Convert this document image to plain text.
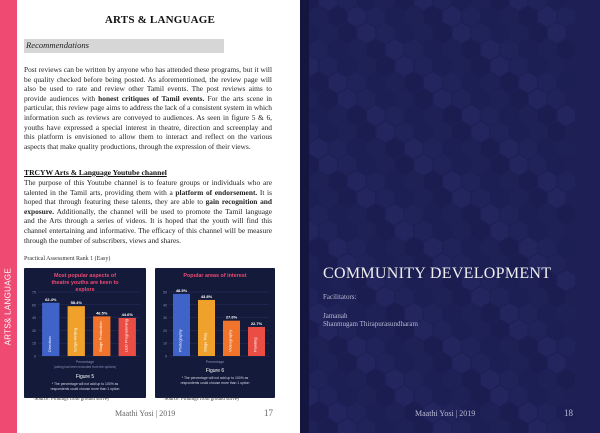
ARTS& LANGUAGE
ARTS & LANGUAGE
Recommendations
Post reviews can be written by anyone who has attended these programs, but it will be quality checked before being posted. As aforementioned, the review page will also be used to rate and review other Tamil events. The post reviews aims to provide audiences with honest critiques of Tamil events. For the arts scene in particular, this review page aims to address the lack of a consistent system in which information such as reviews are conveyed to audiences. As seen in figure 5 & 6, youths have expressed a special interest in theatre, direction and screenplay and this platform is envisioned to allow them to interact and reflect on the various aspects that make quality productions, through the expression of their views.
TRCYW Arts & Language Youtube channel
The purpose of this Youtube channel is to feature groups or individuals who are talented in the Tamil arts, providing them with a platform of endorsement. It is hoped that through featuring these talents, they are able to gain recognition and exposure. Additionally, the channel will be used to promote the Tamil language and the Arts through a series of videos. It is hoped that the youth will find this channel entertaining and informative. The efficacy of this channel will be measure through the number of subscribers, views and shares.
Practical Assessment Rank 1 (Easy)
Most popular aspects of
theatre youths are keen to
explore
0
15
30
45
60
75
62.4%
Direction
58.4%
Script-Writing
46.5%
Stage Production
44.6%
LED Programming
Percentage
(acting has been excluded from the options)
Figure 5
* The percentage will not add up to 100% as
respondents could choose more than 1 option
Popular areas of interest
0
10
20
30
40
50 48.5%
Photography
43.8%
Stage Play
27.6%
Videography
22.7%
Painting
Percentage
Figure 6
* The percentage will not add up to 100% as
respondents could choose more than 1 option
*Source: Findings from ground survey	*Source: Findings from ground survey
Maathi Yosi | 2019	17
COMMUNITY DEVELOPMENT
Facilitators:
Jamanah
Shanmugam Thirapurasundharam
Maathi Yosi | 2019	18
